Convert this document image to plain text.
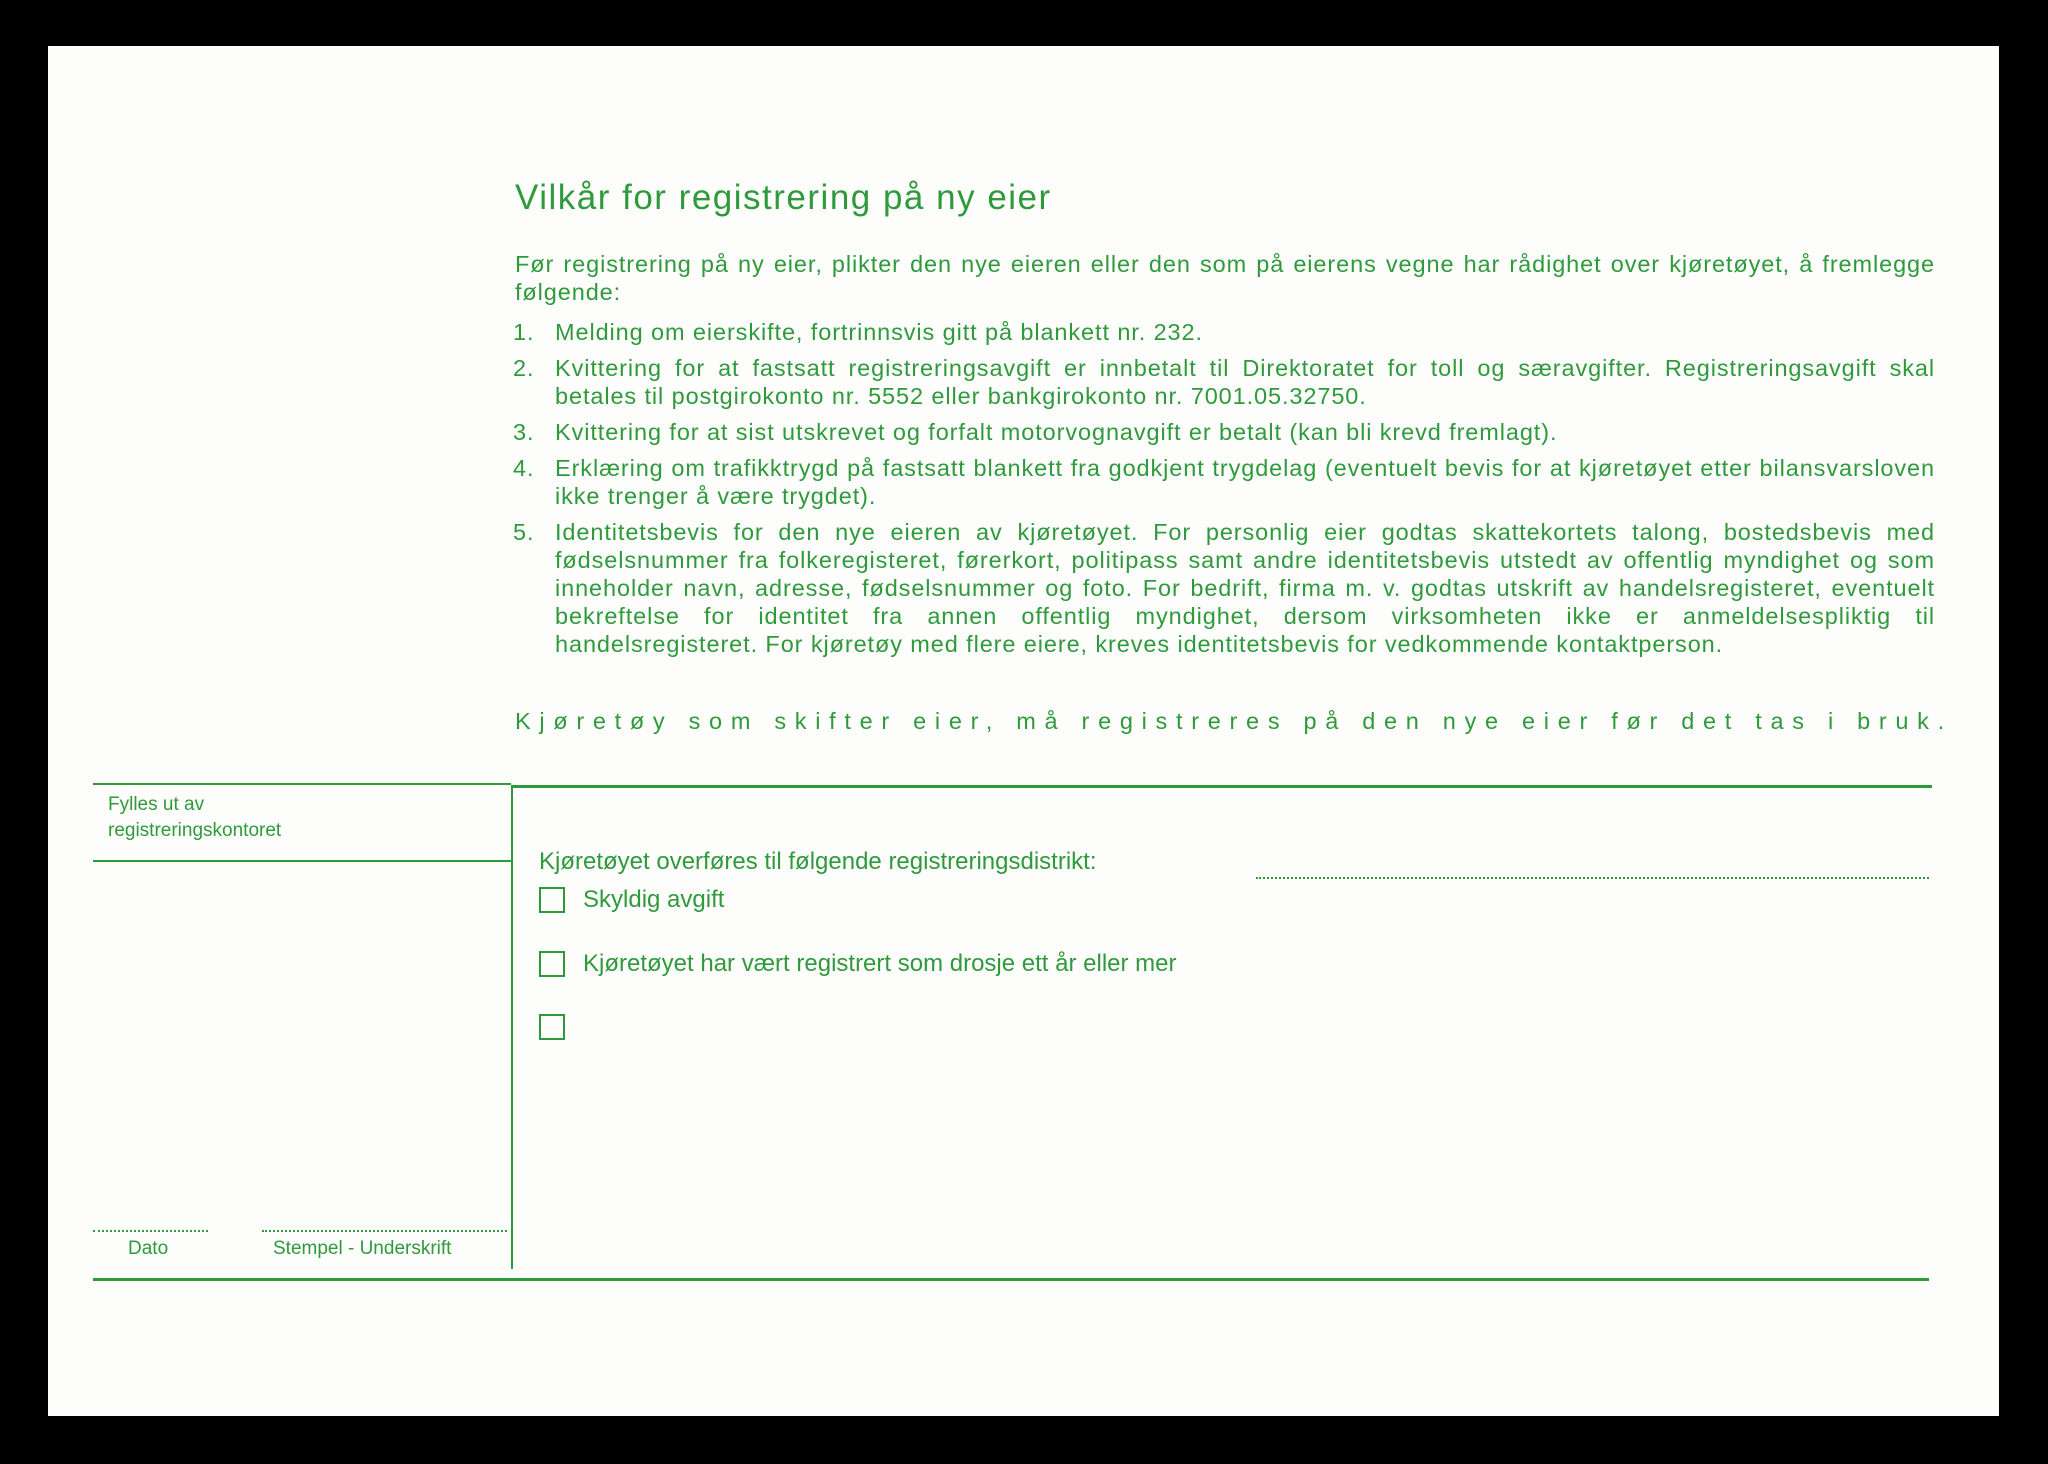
Vilkår for registrering på ny eier
Før registrering på ny eier, plikter den nye eieren eller den som på eierens vegne har rådighet over kjøretøyet, å fremlegge følgende:
1. Melding om eierskifte, fortrinnsvis gitt på blankett nr. 232.
2. Kvittering for at fastsatt registreringsavgift er innbetalt til Direktoratet for toll og særavgifter. Registreringsavgift skal betales til postgirokonto nr. 5552 eller bankgirokonto nr. 7001.05.32750.
3. Kvittering for at sist utskrevet og forfalt motorvognavgift er betalt (kan bli krevd fremlagt).
4. Erklæring om trafikktrygd på fastsatt blankett fra godkjent trygdelag (eventuelt bevis for at kjøretøyet etter bilansvarsloven ikke trenger å være trygdet).
5. Identitetsbevis for den nye eieren av kjøretøyet. For personlig eier godtas skattekortets talong, bostedsbevis med fødselsnummer fra folkeregisteret, førerkort, politipass samt andre identitetsbevis utstedt av offentlig myndighet og som inneholder navn, adresse, fødselsnummer og foto. For bedrift, firma m. v. godtas utskrift av handelsregisteret, eventuelt bekreftelse for identitet fra annen offentlig myndighet, dersom virksomheten ikke er anmeldelsespliktig til handelsregisteret. For kjøretøy med flere eiere, kreves identitetsbevis for vedkommende kontaktperson.
Kjøretøy som skifter eier, må registreres på den nye eier før det tas i bruk.
Fylles ut av
registreringskontoret
Dato	Stempel - Underskrift
Kjøretøyet overføres til følgende registreringsdistrikt:
Skyldig avgift
Kjøretøyet har vært registrert som drosje ett år eller mer
